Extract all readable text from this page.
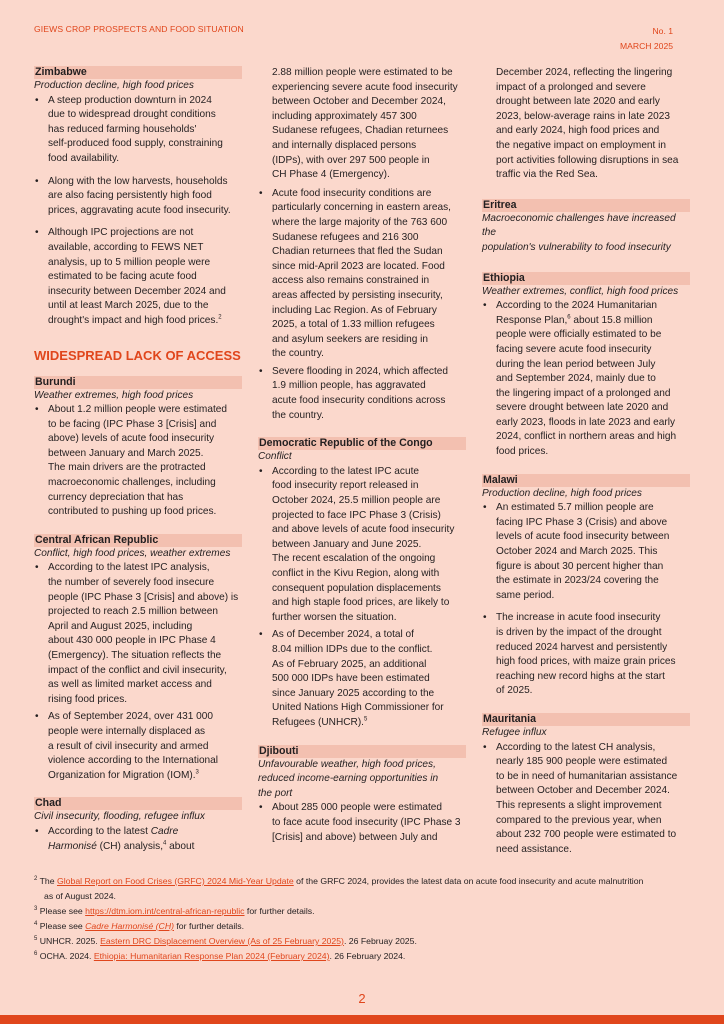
GIEWS CROP PROSPECTS AND FOOD SITUATION	No. 1
MARCH 2025
Zimbabwe
Production decline, high food prices
• A steep production downturn in 2024
due to widespread drought conditions
has reduced farming households'
self-produced food supply, constraining
food availability.
• Along with the low harvests, households
are also facing persistently high food
prices, aggravating acute food insecurity.
• Although IPC projections are not
available, according to FEWS NET
analysis, up to 5 million people were
estimated to be facing acute food
insecurity between December 2024 and
until at least March 2025, due to the
drought's impact and high food prices.$^2$
WIDESPREAD LACK OF ACCESS
Burundi
Weather extremes, high food prices
• About 1.2 million people were estimated
to be facing (IPC Phase 3 [Crisis] and
above) levels of acute food insecurity
between January and March 2025.
The main drivers are the protracted
macroeconomic challenges, including
currency depreciation that has
contributed to pushing up food prices.
Central African Republic
Conflict, high food prices, weather extremes
• According to the latest IPC analysis,
the number of severely food insecure
people (IPC Phase 3 [Crisis] and above) is
projected to reach 2.5 million between
April and August 2025, including
about 430 000 people in IPC Phase 4
(Emergency). The situation reflects the
impact of the conflict and civil insecurity,
as well as limited market access and
rising food prices.
• As of September 2024, over 431 000
people were internally displaced as
a result of civil insecurity and armed
violence according to the International
Organization for Migration (IOM).$^3$
Chad
Civil insecurity, flooding, refugee influx
• According to the latest Cadre
Harmonisé (CH) analysis,$^4$ about
2.88 million people were estimated to be
experiencing severe acute food insecurity
between October and December 2024,
including approximately 457 300
Sudanese refugees, Chadian returnees
and internally displaced persons
(IDPs), with over 297 500 people in
CH Phase 4 (Emergency).
• Acute food insecurity conditions are
particularly concerning in eastern areas,
where the large majority of the 763 600
Sudanese refugees and 216 300
Chadian returnees that fled the Sudan
since mid-April 2023 are located. Food
access also remains constrained in
areas affected by persisting insecurity,
including Lac Region. As of February
2025, a total of 1.33 million refugees
and asylum seekers are residing in
the country.
• Severe flooding in 2024, which affected
1.9 million people, has aggravated
acute food insecurity conditions across
the country.
Democratic Republic of the Congo
Conflict
• According to the latest IPC acute
food insecurity report released in
October 2024, 25.5 million people are
projected to face IPC Phase 3 (Crisis)
and above levels of acute food insecurity
between January and June 2025.
The recent escalation of the ongoing
conflict in the Kivu Region, along with
consequent population displacements
and high staple food prices, are likely to
further worsen the situation.
• As of December 2024, a total of
8.04 million IDPs due to the conflict.
As of February 2025, an additional
500 000 IDPs have been estimated
since January 2025 according to the
United Nations High Commissioner for
Refugees (UNHCR).$^5$
Djibouti
Unfavourable weather, high food prices,
reduced income-earning opportunities in
the port
• About 285 000 people were estimated
to face acute food insecurity (IPC Phase 3
[Crisis] and above) between July and
December 2024, reflecting the lingering
impact of a prolonged and severe
drought between late 2020 and early
2023, below-average rains in late 2023
and early 2024, high food prices and
the negative impact on employment in
port activities following disruptions in sea
traffic via the Red Sea.
Eritrea
Macroeconomic challenges have increased the
population's vulnerability to food insecurity
Ethiopia
Weather extremes, conflict, high food prices
• According to the 2024 Humanitarian
Response Plan,$^6$ about 15.8 million
people were officially estimated to be
facing severe acute food insecurity
during the lean period between July
and September 2024, mainly due to
the lingering impact of a prolonged and
severe drought between late 2020 and
early 2023, floods in late 2023 and early
2024, conflict in northern areas and high
food prices.
Malawi
Production decline, high food prices
• An estimated 5.7 million people are
facing IPC Phase 3 (Crisis) and above
levels of acute food insecurity between
October 2024 and March 2025. This
figure is about 30 percent higher than
the estimate in 2023/24 covering the
same period.
• The increase in acute food insecurity
is driven by the impact of the drought
reduced 2024 harvest and persistently
high food prices, with maize grain prices
reaching new record highs at the start
of 2025.
Mauritania
Refugee influx
• According to the latest CH analysis,
nearly 185 900 people were estimated
to be in need of humanitarian assistance
between October and December 2024.
This represents a slight improvement
compared to the previous year, when
about 232 700 people were estimated to
need assistance.
$^2$ The Global Report on Food Crises (GRFC) 2024 Mid-Year Update of the GRFC 2024, provides the latest data on acute food insecurity and acute malnutrition
as of August 2024.
$^3$ Please see https://dtm.iom.int/central-african-republic for further details.
$^4$ Please see Cadre Harmonisé (CH) for further details.
$^5$ UNHCR. 2025. Eastern DRC Displacement Overview (As of 25 February 2025). 26 Februay 2025.
$^6$ OCHA. 2024. Ethiopia: Humanitarian Response Plan 2024 (February 2024). 26 February 2024.
2
